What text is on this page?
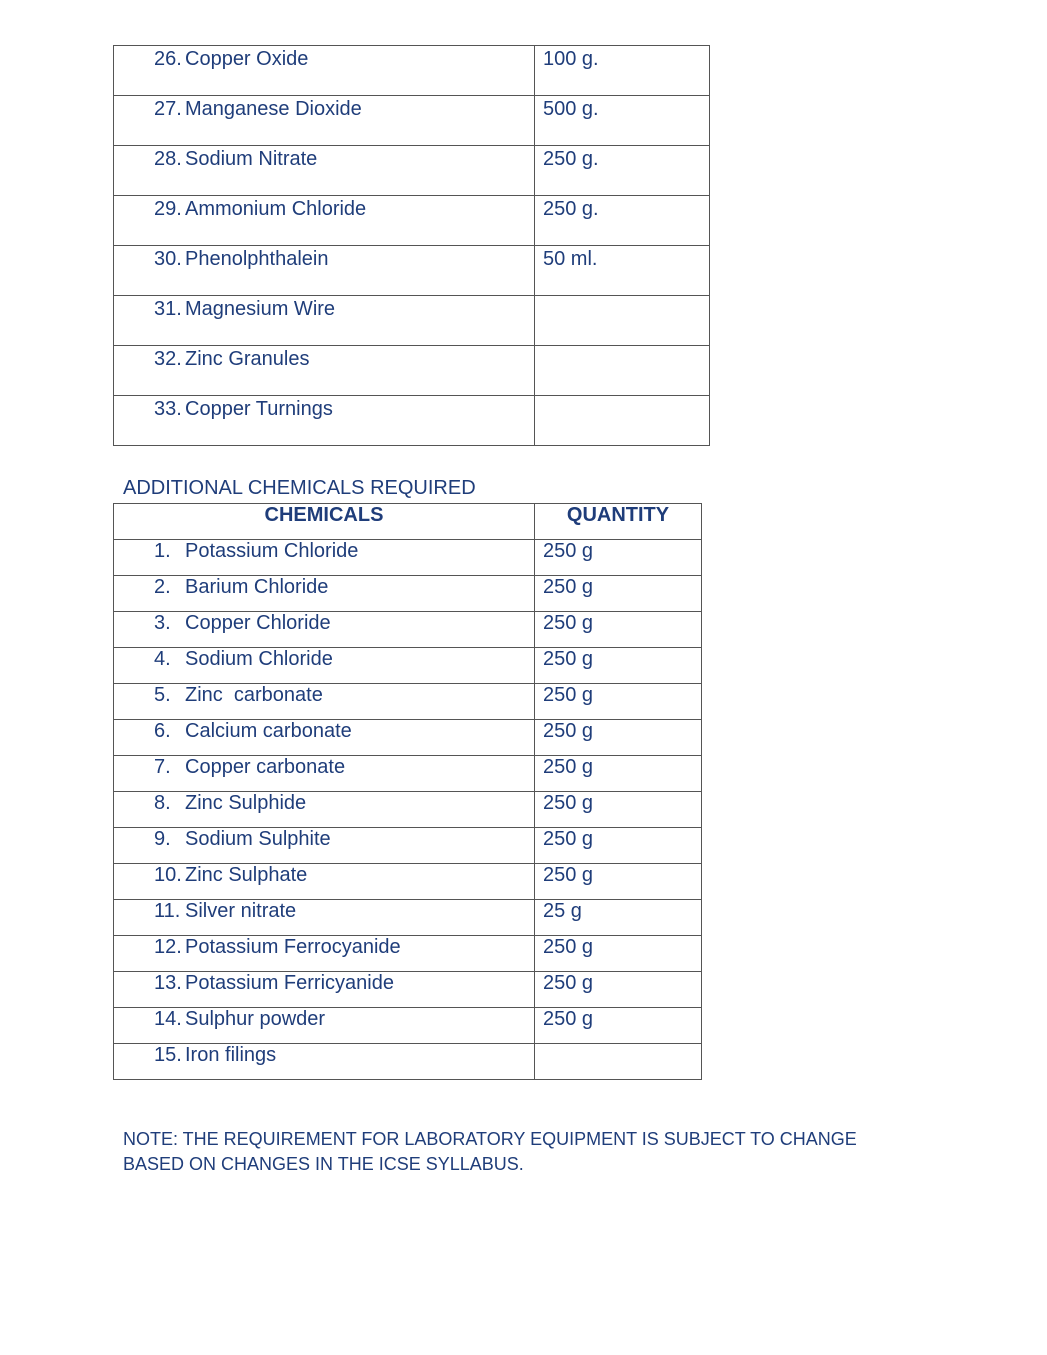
26. Copper Oxide	100 g.
27. Manganese Dioxide	500 g.
28. Sodium Nitrate	250 g.
29. Ammonium Chloride	250 g.
30. Phenolphthalein	50 ml.
31. Magnesium Wire	
32. Zinc Granules	
33. Copper Turnings	
ADDITIONAL CHEMICALS REQUIRED
CHEMICALS	QUANTITY
1. Potassium Chloride	250 g
2. Barium Chloride	250 g
3. Copper Chloride	250 g
4. Sodium Chloride	250 g
5. Zinc  carbonate	250 g
6. Calcium carbonate	250 g
7. Copper carbonate	250 g
8. Zinc Sulphide	250 g
9. Sodium Sulphite	250 g
10. Zinc Sulphate	250 g
11. Silver nitrate	25 g
12. Potassium Ferrocyanide	250 g
13. Potassium Ferricyanide	250 g
14. Sulphur powder	250 g
15. Iron filings	
NOTE: THE REQUIREMENT FOR LABORATORY EQUIPMENT IS SUBJECT TO CHANGE
BASED ON CHANGES IN THE ICSE SYLLABUS.
